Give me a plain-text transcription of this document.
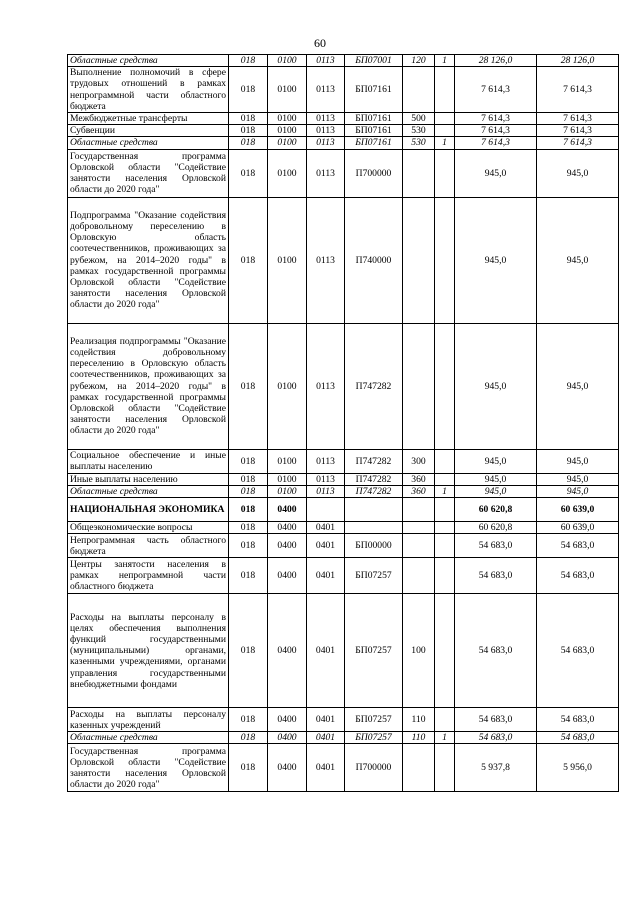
60
Областные средства	018	0100	0113	БП07001	120	1	28 126,0	28 126,0
Выполнение полномочий в сфере трудовых отношений в рамках непрограммной части областного бюджета	018	0100	0113	БП07161			7 614,3	7 614,3
Межбюджетные трансферты	018	0100	0113	БП07161	500		7 614,3	7 614,3
Субвенции	018	0100	0113	БП07161	530		7 614,3	7 614,3
Областные средства	018	0100	0113	БП07161	530	1	7 614,3	7 614,3
Государственная программа Орловской области "Содействие занятости населения Орловской области до 2020 года"	018	0100	0113	П700000			945,0	945,0
Подпрограмма "Оказание содействия добровольному переселению в Орловскую область соотечественников, проживающих за рубежом, на 2014–2020 годы" в рамках государственной программы Орловской области "Содействие занятости населения Орловской области до 2020 года"	018	0100	0113	П740000			945,0	945,0
Реализация подпрограммы "Оказание содействия добровольному переселению в Орловскую область соотечественников, проживающих за рубежом, на 2014–2020 годы" в рамках государственной программы Орловской области "Содействие занятости населения Орловской области до 2020 года"	018	0100	0113	П747282			945,0	945,0
Социальное обеспечение и иные выплаты населению	018	0100	0113	П747282	300		945,0	945,0
Иные выплаты населению	018	0100	0113	П747282	360		945,0	945,0
Областные средства	018	0100	0113	П747282	360	1	945,0	945,0
НАЦИОНАЛЬНАЯ ЭКОНОМИКА	018	0400					60 620,8	60 639,0
Общеэкономические вопросы	018	0400	0401				60 620,8	60 639,0
Непрограммная часть областного бюджета	018	0400	0401	БП00000			54 683,0	54 683,0
Центры занятости населения в рамках непрограммной части областного бюджета	018	0400	0401	БП07257			54 683,0	54 683,0
Расходы на выплаты персоналу в целях обеспечения выполнения функций государственными (муниципальными) органами, казенными учреждениями, органами управления государственными внебюджетными фондами	018	0400	0401	БП07257	100		54 683,0	54 683,0
Расходы на выплаты персоналу казенных учреждений	018	0400	0401	БП07257	110		54 683,0	54 683,0
Областные средства	018	0400	0401	БП07257	110	1	54 683,0	54 683,0
Государственная программа Орловской области "Содействие занятости населения Орловской области до 2020 года"	018	0400	0401	П700000			5 937,8	5 956,0
